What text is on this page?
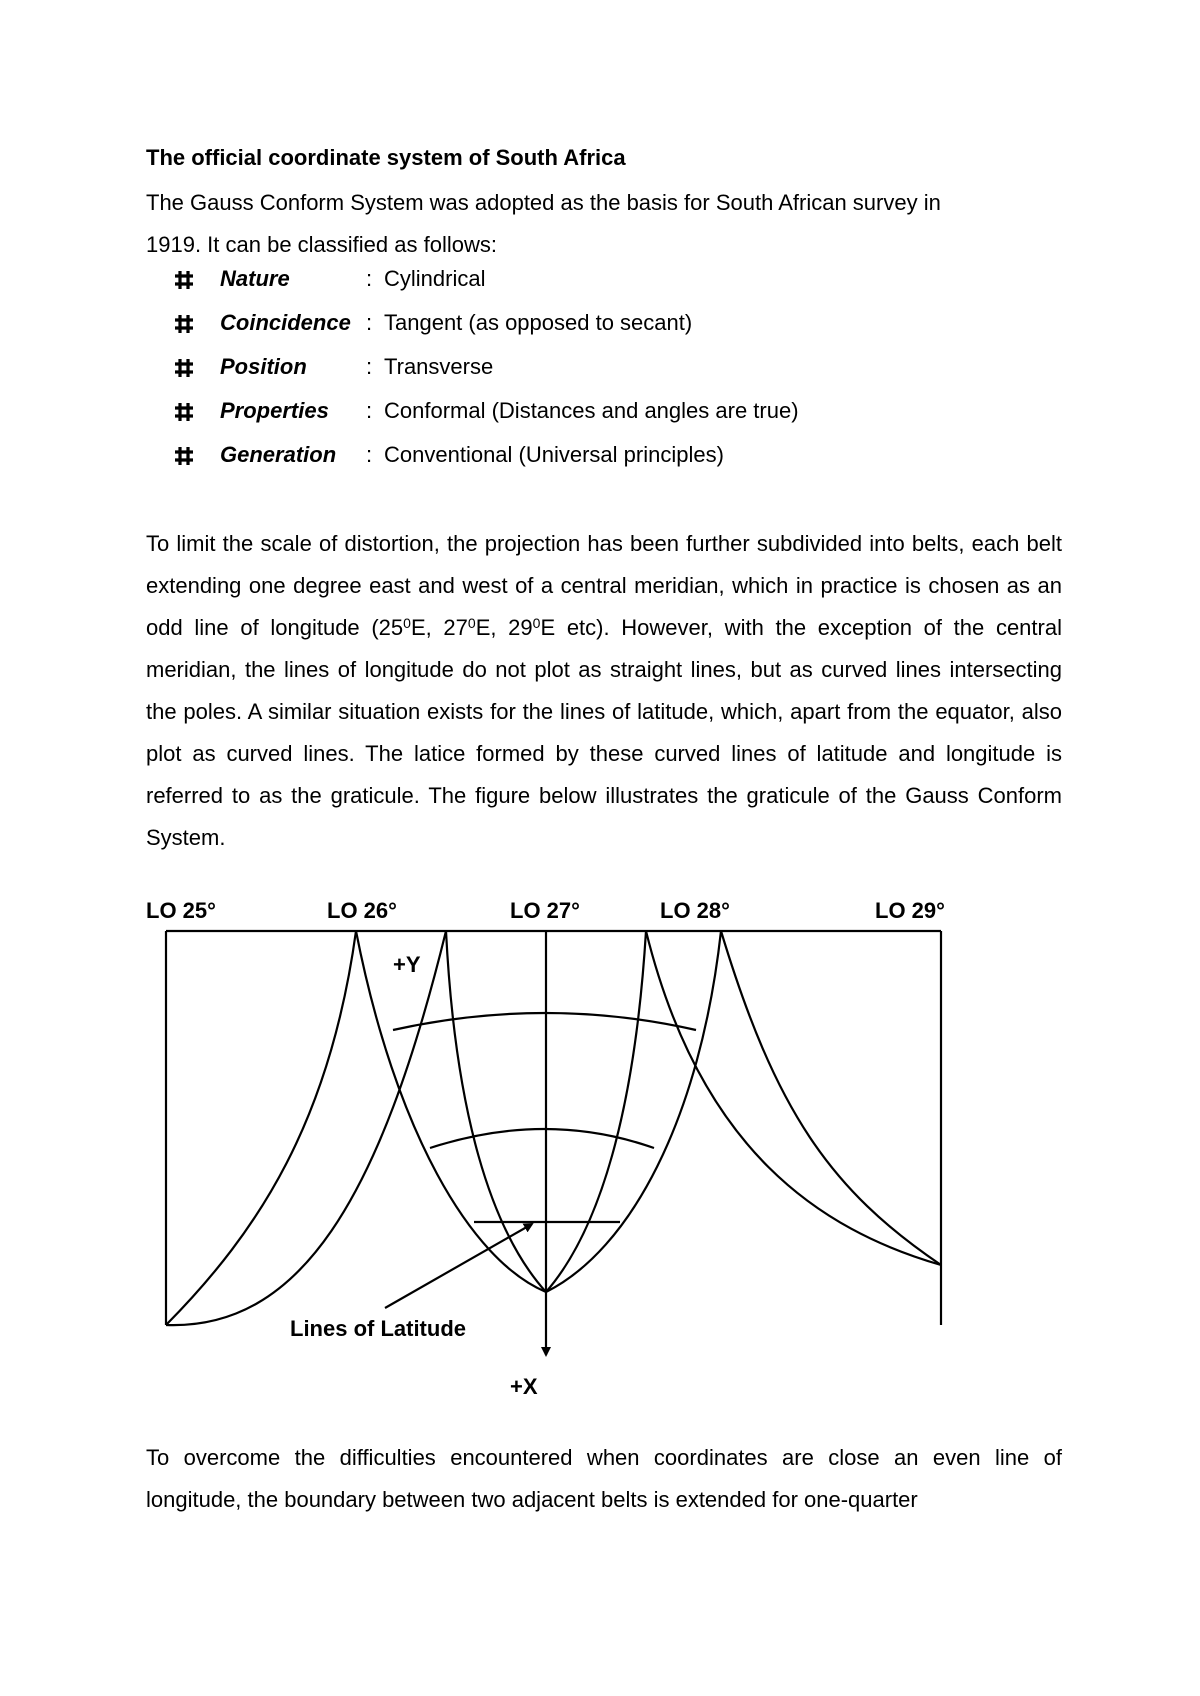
The official coordinate system of South Africa

The Gauss Conform System was adopted as the basis for South African survey in
1919. It can be classified as follows:

Nature	: Cylindrical
Coincidence : Tangent (as opposed to secant)
Position	: Transverse
Properties	: Conformal (Distances and angles are true)
Generation	: Conventional (Universal principles)

To limit the scale of distortion, the projection has been further subdivided into belts, each belt extending one degree east and west of a central meridian, which in practice is chosen as an odd line of longitude ($25^0E$, $27^0E$, $29^0E$ etc). However, with the exception of the central meridian, the lines of longitude do not plot as straight lines, but as curved lines intersecting the poles. A similar situation exists for the lines of latitude, which, apart from the equator, also plot as curved lines. The latice formed by these curved lines of latitude and longitude is referred to as the graticule. The figure below illustrates the graticule of the Gauss Conform System.

LO 25°	LO 26°	LO 27°	LO 28°	LO 29°
+Y
+X
Lines of Latitude

To overcome the difficulties encountered when coordinates are close an even line of longitude, the boundary between two adjacent belts is extended for one-quarter
